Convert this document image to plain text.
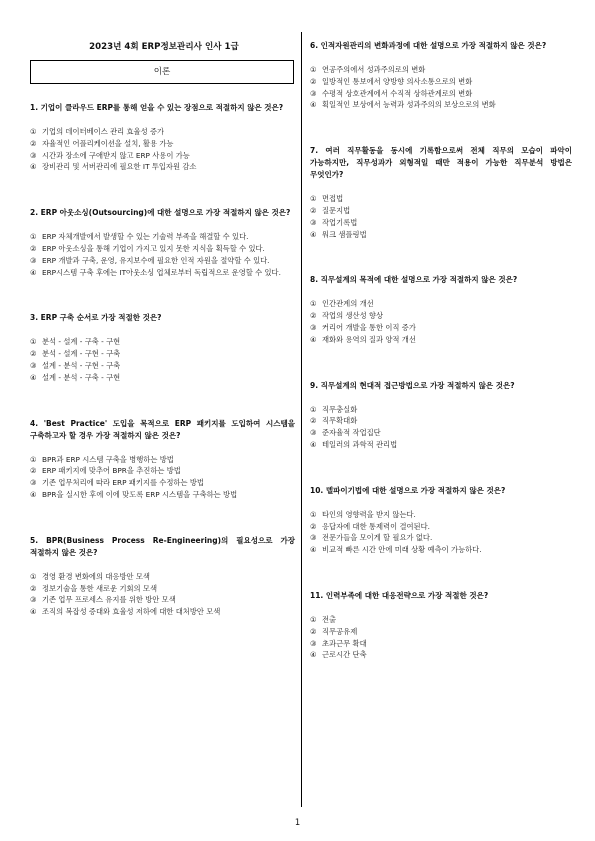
2023년 4회 ERP정보관리사 인사 1급
이론

1. 기업이 클라우드 ERP를 통해 얻을 수 있는 장점으로 적절하지 않은 것은?

① 기업의 데이터베이스 관리 효율성 증가
② 자율적인 어플리케이션을 설치, 활용 가능
③ 시간과 장소에 구애받지 않고 ERP 사용이 가능
④ 장비관리 및 서버관리에 필요한 IT 투입자원 감소

2. ERP 아웃소싱(Outsourcing)에 대한 설명으로 가장 적절하지 않은 것은?

① ERP 자체개발에서 발생할 수 있는 기술력 부족을 해결할 수 있다.
② ERP 아웃소싱을 통해 기업이 가지고 있지 못한 지식을 획득할 수 있다.
③ ERP 개발과 구축, 운영, 유지보수에 필요한 인적 자원을 절약할 수 있다.
④ ERP시스템 구축 후에는 IT아웃소싱 업체로부터 독립적으로 운영할 수 있다.

3. ERP 구축 순서로 가장 적절한 것은?

① 분석 - 설계 - 구축 - 구현
② 분석 - 설계 - 구현 - 구축
③ 설계 - 분석 - 구현 - 구축
④ 설계 - 분석 - 구축 - 구현

4. 'Best Practice' 도입을 목적으로 ERP 패키지를 도입하여 시스템을 구축하고자 할 경우 가장 적절하지 않은 것은?

① BPR과 ERP 시스템 구축을 병행하는 방법
② ERP 패키지에 맞추어 BPR을 추진하는 방법
③ 기존 업무처리에 따라 ERP 패키지를 수정하는 방법
④ BPR을 실시한 후에 이에 맞도록 ERP 시스템을 구축하는 방법

5. BPR(Business Process Re-Engineering)의 필요성으로 가장 적절하지 않은 것은?

① 경영 환경 변화에의 대응방안 모색
② 정보기술을 통한 새로운 기회의 모색
③ 기존 업무 프로세스 유지를 위한 방안 모색
④ 조직의 복잡성 증대와 효율성 저하에 대한 대처방안 모색

6. 인적자원관리의 변화과정에 대한 설명으로 가장 적절하지 않은 것은?

① 연공주의에서 성과주의로의 변화
② 일방적인 통보에서 양방향 의사소통으로의 변화
③ 수평적 상호관계에서 수직적 상하관계로의 변화
④ 획일적인 보상에서 능력과 성과주의의 보상으로의 변화

7. 여러 직무활동을 동시에 기록함으로써 전체 직무의 모습이 파악이 가능하지만, 직무성과가 외형적일 때만 적용이 가능한 직무분석 방법은 무엇인가?

① 면접법
② 질문지법
③ 작업기록법
④ 워크 샘플링법

8. 직무설계의 목적에 대한 설명으로 가장 적절하지 않은 것은?

① 인간관계의 개선
② 작업의 생산성 향상
③ 커리어 개발을 통한 이직 증가
④ 재화와 용역의 질과 양적 개선

9. 직무설계의 현대적 접근방법으로 가장 적절하지 않은 것은?

① 직무충실화
② 직무확대화
③ 준자율적 작업집단
④ 테일러의 과학적 관리법

10. 델파이기법에 대한 설명으로 가장 적절하지 않은 것은?

① 타인의 영향력을 받지 않는다.
② 응답자에 대한 통제력이 결여된다.
③ 전문가들을 모이게 할 필요가 없다.
④ 비교적 빠른 시간 안에 미래 상황 예측이 가능하다.

11. 인력부족에 대한 대응전략으로 가장 적절한 것은?

① 전출
② 직무공유제
③ 초과근무 확대
④ 근로시간 단축
1
